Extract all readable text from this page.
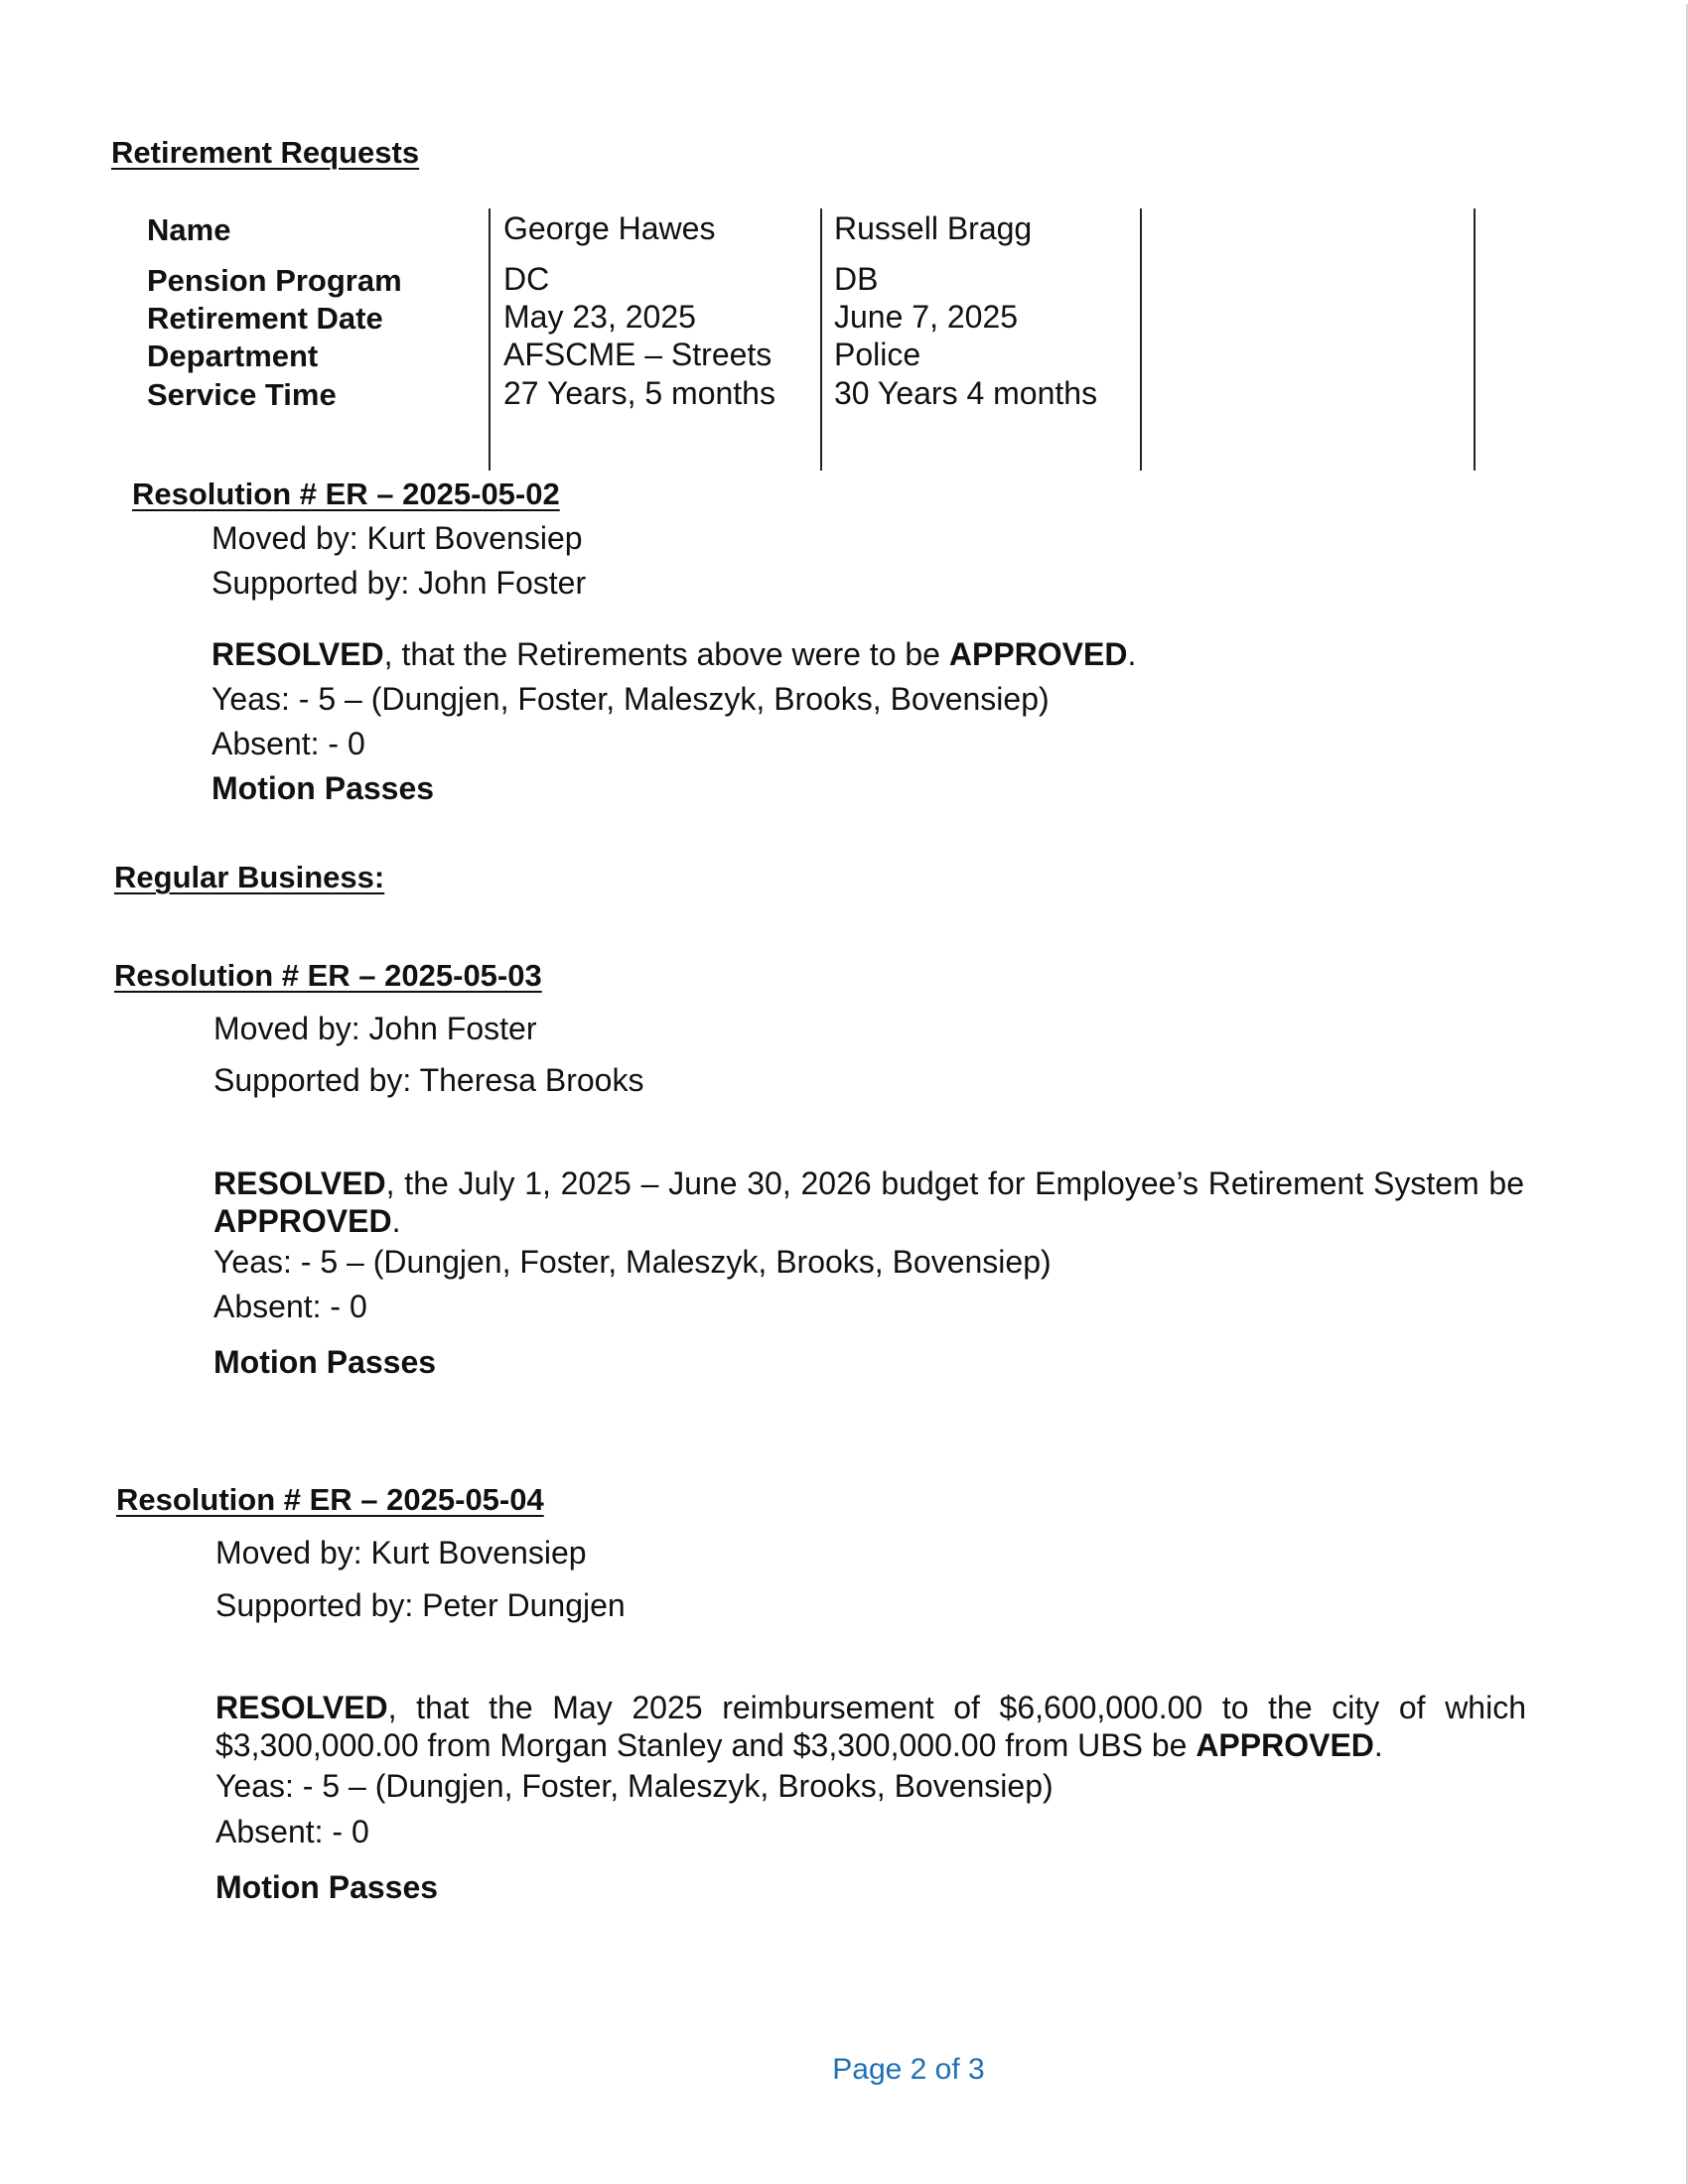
Retirement Requests
Name
Pension Program
Retirement Date
Department
Service Time
George Hawes
DC
May 23, 2025
AFSCME – Streets
27 Years, 5 months
Russell Bragg
DB
June 7, 2025
Police
30 Years 4 months
Resolution # ER – 2025-05-02
Moved by: Kurt Bovensiep
Supported by: John Foster
RESOLVED, that the Retirements above were to be APPROVED.
Yeas: - 5 – (Dungjen, Foster, Maleszyk, Brooks, Bovensiep)
Absent: - 0
Motion Passes
Regular Business:
Resolution # ER – 2025-05-03
Moved by: John Foster
Supported by: Theresa Brooks
RESOLVED, the July 1, 2025 – June 30, 2026 budget for Employee’s Retirement System be APPROVED.
Yeas: - 5 – (Dungjen, Foster, Maleszyk, Brooks, Bovensiep)
Absent: - 0
Motion Passes
Resolution # ER – 2025-05-04
Moved by: Kurt Bovensiep
Supported by: Peter Dungjen
RESOLVED, that the May 2025 reimbursement of $6,600,000.00 to the city of which $3,300,000.00 from Morgan Stanley and $3,300,000.00 from UBS be APPROVED.
Yeas: - 5 – (Dungjen, Foster, Maleszyk, Brooks, Bovensiep)
Absent: - 0
Motion Passes
Page 2 of 3
